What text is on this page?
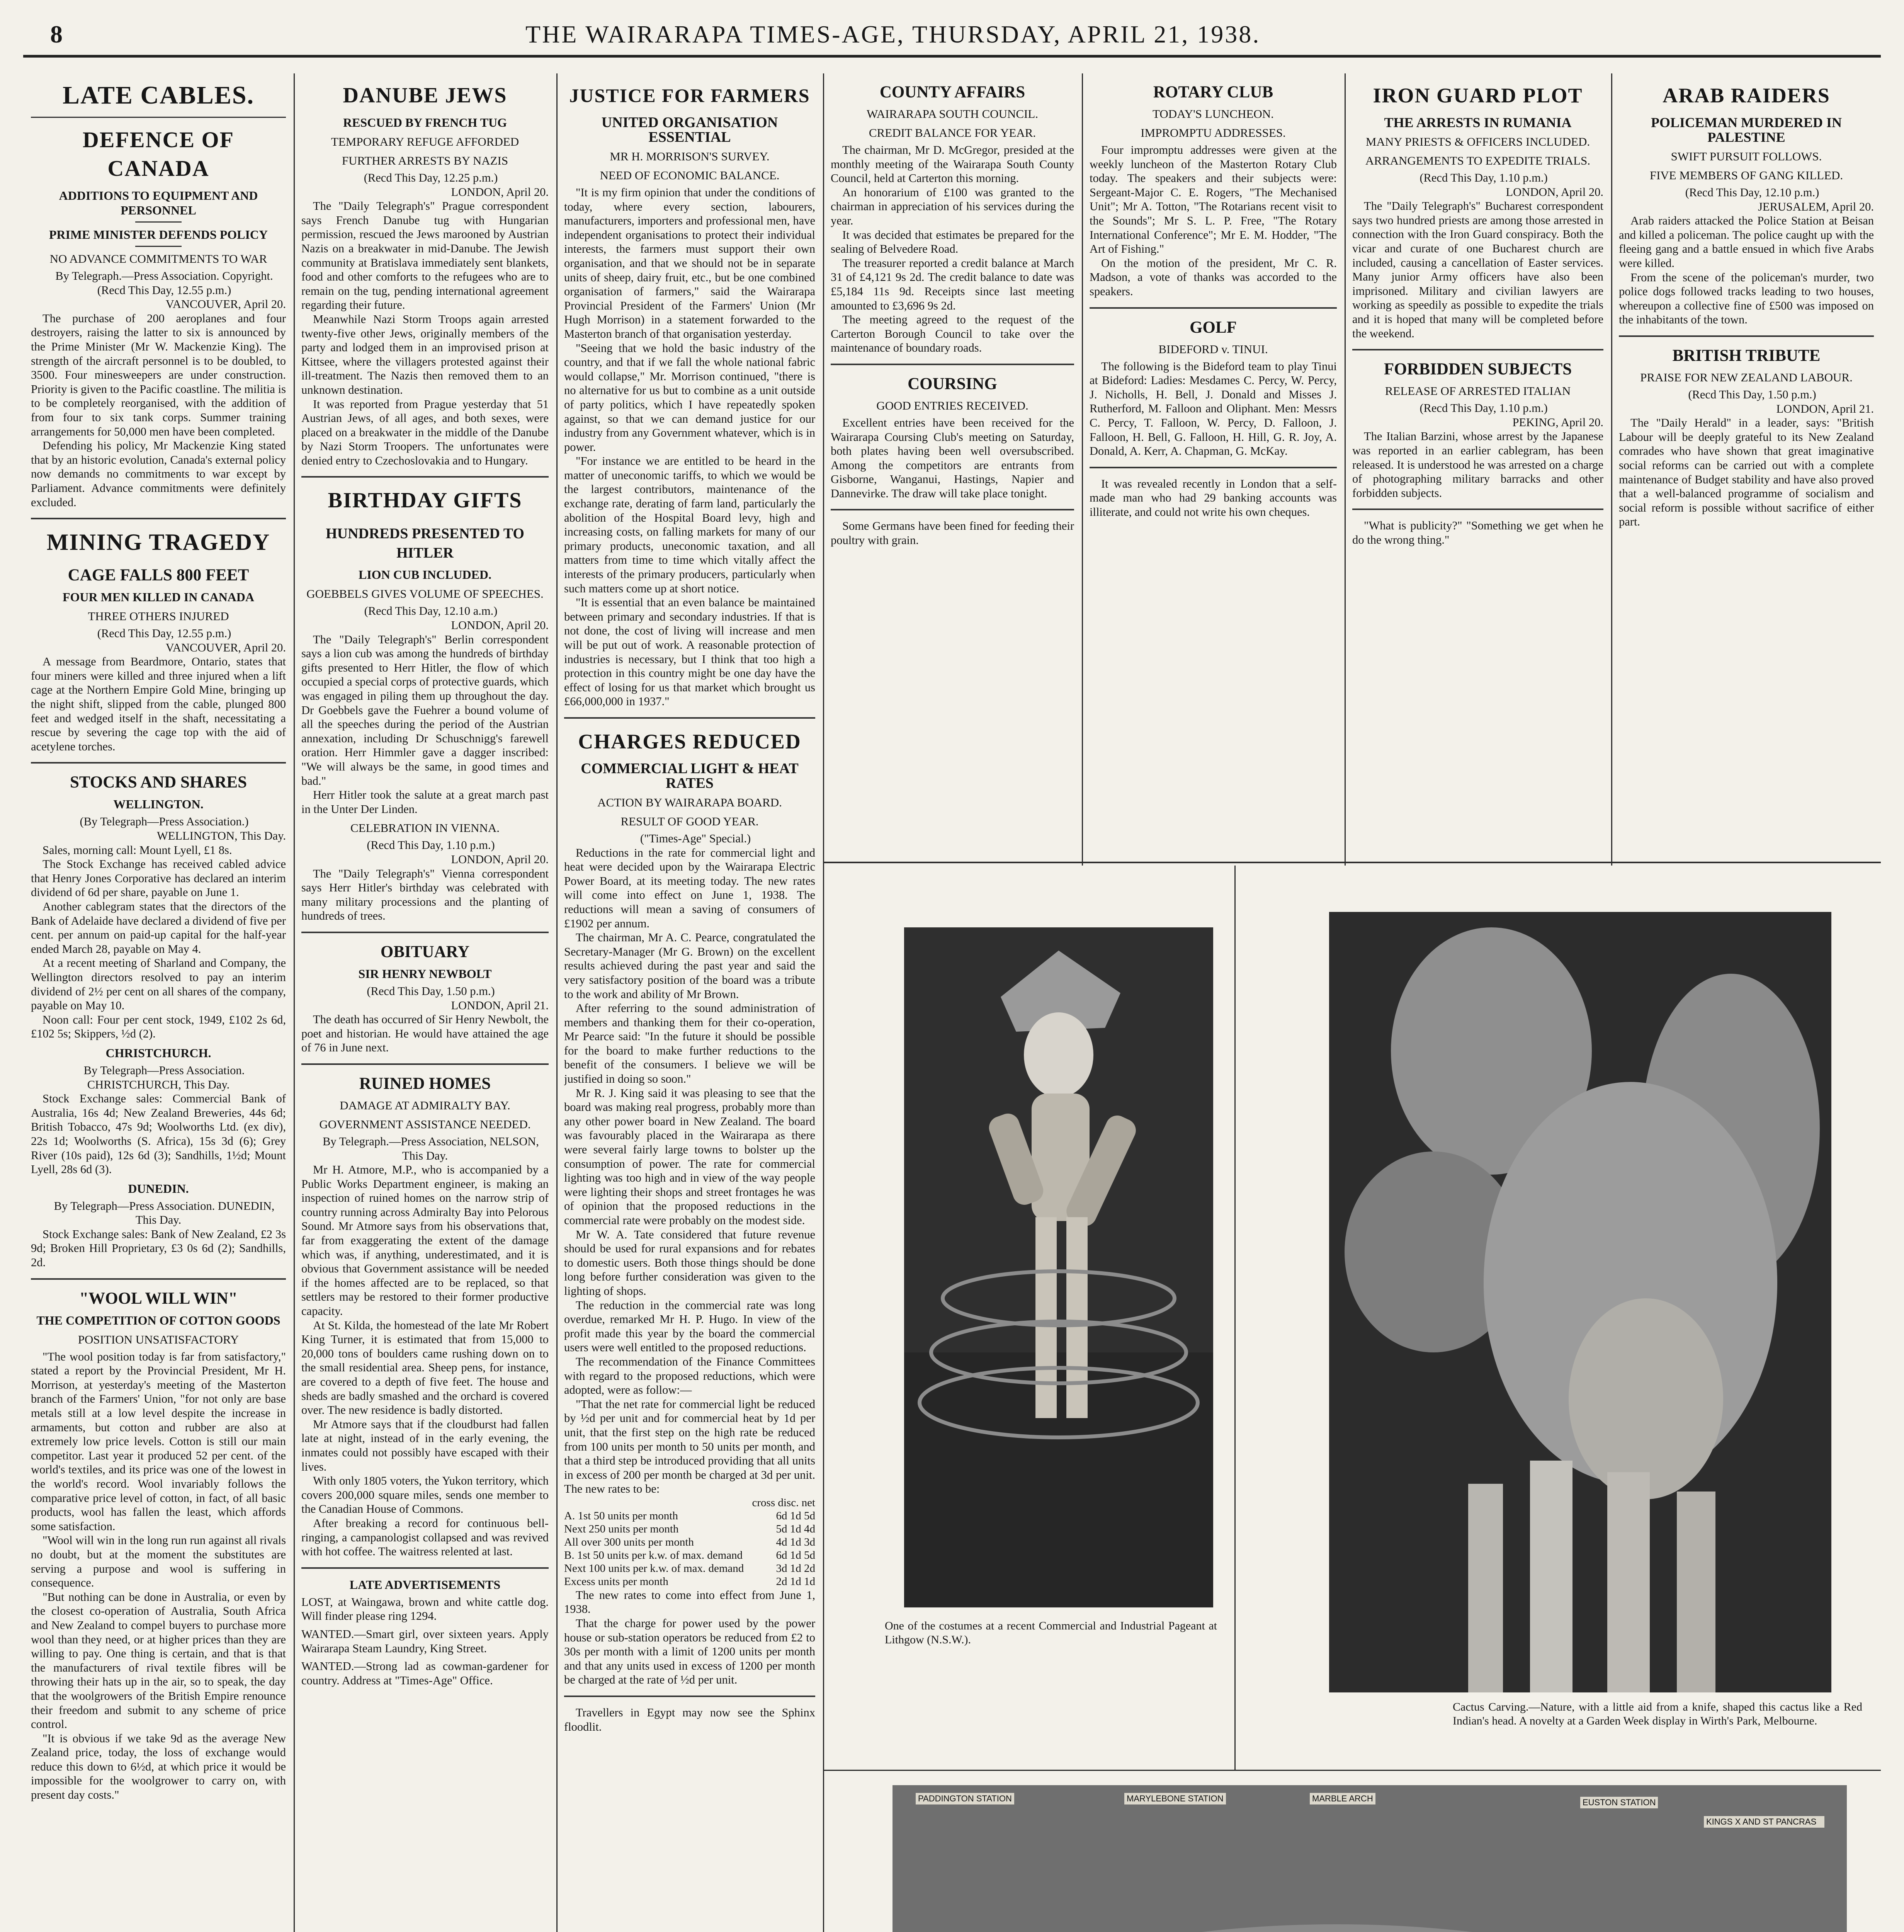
8	THE WAIRARAPA TIMES-AGE, THURSDAY, APRIL 21, 1938.
LATE CABLES.
DEFENCE OF CANADA
ADDITIONS TO EQUIPMENT AND PERSONNEL
PRIME MINISTER DEFENDS POLICY
NO ADVANCE COMMITMENTS TO WAR

By Telegraph.—Press Association. Copyright.

(Recd This Day, 12.55 p.m.)

VANCOUVER, April 20.

The purchase of 200 aeroplanes and four destroyers, raising the latter to six is announced by the Prime Minister (Mr W. Mackenzie King). The strength of the aircraft personnel is to be doubled, to 3500. Four minesweepers are under construction. Priority is given to the Pacific coastline. The militia is to be completely reorganised, with the addition of from four to six tank corps. Summer training arrangements for 50,000 men have been completed.

Defending his policy, Mr Mackenzie King stated that by an historic evolution, Canada's external policy now demands no commitments to war except by Parliament. Advance commitments were definitely excluded.

MINING TRAGEDY
CAGE FALLS 800 FEET
FOUR MEN KILLED IN CANADA
THREE OTHERS INJURED

(Recd This Day, 12.55 p.m.)

VANCOUVER, April 20.

A message from Beardmore, Ontario, states that four miners were killed and three injured when a lift cage at the Northern Empire Gold Mine, bringing up the night shift, slipped from the cable, plunged 800 feet and wedged itself in the shaft, necessitating a rescue by severing the cage top with the aid of acetylene torches.

STOCKS AND SHARES
WELLINGTON.

(By Telegraph—Press Association.)

WELLINGTON, This Day.

Sales, morning call: Mount Lyell, £1 8s.

The Stock Exchange has received cabled advice that Henry Jones Corporative has declared an interim dividend of 6d per share, payable on June 1.

Another cablegram states that the directors of the Bank of Adelaide have declared a dividend of five per cent. per annum on paid-up capital for the half-year ended March 28, payable on May 4.

At a recent meeting of Sharland and Company, the Wellington directors resolved to pay an interim dividend of 2½ per cent on all shares of the company, payable on May 10.

Noon call: Four per cent stock, 1949, £102 2s 6d, £102 5s; Skippers, ½d (2).

CHRISTCHURCH.

By Telegraph—Press Association. CHRISTCHURCH, This Day.

Stock Exchange sales: Commercial Bank of Australia, 16s 4d; New Zealand Breweries, 44s 6d; British Tobacco, 47s 9d; Woolworths Ltd. (ex div), 22s 1d; Woolworths (S. Africa), 15s 3d (6); Grey River (10s paid), 12s 6d (3); Sandhills, 1½d; Mount Lyell, 28s 6d (3).

DUNEDIN.

By Telegraph—Press Association. DUNEDIN, This Day.

Stock Exchange sales: Bank of New Zealand, £2 3s 9d; Broken Hill Proprietary, £3 0s 6d (2); Sandhills, 2d.

"WOOL WILL WIN"
THE COMPETITION OF COTTON GOODS
POSITION UNSATISFACTORY

"The wool position today is far from satisfactory," stated a report by the Provincial President, Mr H. Morrison, at yesterday's meeting of the Masterton branch of the Farmers' Union, "for not only are base metals still at a low level despite the increase in armaments, but cotton and rubber are also at extremely low price levels. Cotton is still our main competitor. Last year it produced 52 per cent. of the world's textiles, and its price was one of the lowest in the world's record. Wool invariably follows the comparative price level of cotton, in fact, of all basic products, wool has fallen the least, which affords some satisfaction.

"Wool will win in the long run run against all rivals no doubt, but at the moment the substitutes are serving a purpose and wool is suffering in consequence.

"But nothing can be done in Australia, or even by the closest co-operation of Australia, South Africa and New Zealand to compel buyers to purchase more wool than they need, or at higher prices than they are willing to pay. One thing is certain, and that is that the manufacturers of rival textile fibres will be throwing their hats up in the air, so to speak, the day that the woolgrowers of the British Empire renounce their freedom and submit to any scheme of price control.

"It is obvious if we take 9d as the average New Zealand price, today, the loss of exchange would reduce this down to 6½d, at which price it would be impossible for the woolgrower to carry on, with present day costs."

DANUBE JEWS
RESCUED BY FRENCH TUG
TEMPORARY REFUGE AFFORDED
FURTHER ARRESTS BY NAZIS

(Recd This Day, 12.25 p.m.)

LONDON, April 20.

The "Daily Telegraph's" Prague correspondent says French Danube tug with Hungarian permission, rescued the Jews marooned by Austrian Nazis on a breakwater in mid-Danube. The Jewish community at Bratislava immediately sent blankets, food and other comforts to the refugees who are to remain on the tug, pending international agreement regarding their future.

Meanwhile Nazi Storm Troops again arrested twenty-five other Jews, originally members of the party and lodged them in an improvised prison at Kittsee, where the villagers protested against their ill-treatment. The Nazis then removed them to an unknown destination.

It was reported from Prague yesterday that 51 Austrian Jews, of all ages, and both sexes, were placed on a breakwater in the middle of the Danube by Nazi Storm Troopers. The unfortunates were denied entry to Czechoslovakia and to Hungary.

BIRTHDAY GIFTS
HUNDREDS PRESENTED TO HITLER
LION CUB INCLUDED.
GOEBBELS GIVES VOLUME OF SPEECHES.

(Recd This Day, 12.10 a.m.)

LONDON, April 20.

The "Daily Telegraph's" Berlin correspondent says a lion cub was among the hundreds of birthday gifts presented to Herr Hitler, the flow of which occupied a special corps of protective guards, which was engaged in piling them up throughout the day. Dr Goebbels gave the Fuehrer a bound volume of all the speeches during the period of the Austrian annexation, including Dr Schuschnigg's farewell oration. Herr Himmler gave a dagger inscribed: "We will always be the same, in good times and bad."

Herr Hitler took the salute at a great march past in the Unter Der Linden.

CELEBRATION IN VIENNA.

(Recd This Day, 1.10 p.m.)

LONDON, April 20.

The "Daily Telegraph's" Vienna correspondent says Herr Hitler's birthday was celebrated with many military processions and the planting of hundreds of trees.

OBITUARY
SIR HENRY NEWBOLT

(Recd This Day, 1.50 p.m.)

LONDON, April 21.

The death has occurred of Sir Henry Newbolt, the poet and historian. He would have attained the age of 76 in June next.

RUINED HOMES
DAMAGE AT ADMIRALTY BAY.
GOVERNMENT ASSISTANCE NEEDED.

By Telegraph.—Press Association, NELSON, This Day.

Mr H. Atmore, M.P., who is accompanied by a Public Works Department engineer, is making an inspection of ruined homes on the narrow strip of country running across Admiralty Bay into Pelorous Sound. Mr Atmore says from his observations that, far from exaggerating the extent of the damage which was, if anything, underestimated, and it is obvious that Government assistance will be needed if the homes affected are to be replaced, so that settlers may be restored to their former productive capacity.

At St. Kilda, the homestead of the late Mr Robert King Turner, it is estimated that from 15,000 to 20,000 tons of boulders came rushing down on to the small residential area. Sheep pens, for instance, are covered to a depth of five feet. The house and sheds are badly smashed and the orchard is covered over. The new residence is badly distorted.

Mr Atmore says that if the cloudburst had fallen late at night, instead of in the early evening, the inmates could not possibly have escaped with their lives.

With only 1805 voters, the Yukon territory, which covers 200,000 square miles, sends one member to the Canadian House of Commons.

After breaking a record for continuous bell-ringing, a campanologist collapsed and was revived with hot coffee. The waitress relented at last.

LATE ADVERTISEMENTS

LOST, at Waingawa, brown and white cattle dog. Will finder please ring 1294.

WANTED.—Smart girl, over sixteen years. Apply Wairarapa Steam Laundry, King Street.

WANTED.—Strong lad as cowman-gardener for country. Address at "Times-Age" Office.

JUSTICE FOR FARMERS
UNITED ORGANISATION ESSENTIAL
MR H. MORRISON'S SURVEY.
NEED OF ECONOMIC BALANCE.

"It is my firm opinion that under the conditions of today, where every section, labourers, manufacturers, importers and professional men, have independent organisations to protect their individual interests, the farmers must support their own organisation, and that we should not be in separate units of sheep, dairy fruit, etc., but be one combined organisation of farmers," said the Wairarapa Provincial President of the Farmers' Union (Mr Hugh Morrison) in a statement forwarded to the Masterton branch of that organisation yesterday.

"Seeing that we hold the basic industry of the country, and that if we fall the whole national fabric would collapse," Mr. Morrison continued, "there is no alternative for us but to combine as a unit outside of party politics, which I have repeatedly spoken against, so that we can demand justice for our industry from any Government whatever, which is in power.

"For instance we are entitled to be heard in the matter of uneconomic tariffs, to which we would be the largest contributors, maintenance of the exchange rate, derating of farm land, particularly the abolition of the Hospital Board levy, high and increasing costs, on falling markets for many of our primary products, uneconomic taxation, and all matters from time to time which vitally affect the interests of the primary producers, particularly when such matters come up at short notice.

"It is essential that an even balance be maintained between primary and secondary industries. If that is not done, the cost of living will increase and men will be put out of work. A reasonable protection of industries is necessary, but I think that too high a protection in this country might be one day have the effect of losing for us that market which brought us £66,000,000 in 1937."

CHARGES REDUCED
COMMERCIAL LIGHT & HEAT RATES
ACTION BY WAIRARAPA BOARD.
RESULT OF GOOD YEAR.

("Times-Age" Special.)

Reductions in the rate for commercial light and heat were decided upon by the Wairarapa Electric Power Board, at its meeting today. The new rates will come into effect on June 1, 1938. The reductions will mean a saving of consumers of £1902 per annum.

The chairman, Mr A. C. Pearce, congratulated the Secretary-Manager (Mr G. Brown) on the excellent results achieved during the past year and said the very satisfactory position of the board was a tribute to the work and ability of Mr Brown.

After referring to the sound administration of members and thanking them for their co-operation, Mr Pearce said: "In the future it should be possible for the board to make further reductions to the benefit of the consumers. I believe we will be justified in doing so soon."

Mr R. J. King said it was pleasing to see that the board was making real progress, probably more than any other power board in New Zealand. The board was favourably placed in the Wairarapa as there were several fairly large towns to bolster up the consumption of power. The rate for commercial lighting was too high and in view of the way people were lighting their shops and street frontages he was of opinion that the proposed reductions in the commercial rate were probably on the modest side.

Mr W. A. Tate considered that future revenue should be used for rural expansions and for rebates to domestic users. Both those things should be done long before further consideration was given to the lighting of shops.

The reduction in the commercial rate was long overdue, remarked Mr H. P. Hugo. In view of the profit made this year by the board the commercial users were well entitled to the proposed reductions.

The recommendation of the Finance Committees with regard to the proposed reductions, which were adopted, were as follow:—

"That the net rate for commercial light be reduced by ½d per unit and for commercial heat by 1d per unit, that the first step on the high rate be reduced from 100 units per month to 50 units per month, and that a third step be introduced providing that all units in excess of 200 per month be charged at 3d per unit. The new rates to be:

	cross disc. net
A. 1st 50 units per month	6d 1d 5d
Next 250 units per month	5d 1d 4d
All over 300 units per month	4d 1d 3d
B. 1st 50 units per k.w. of max. demand	6d 1d 5d
Next 100 units per k.w. of max. demand	3d 1d 2d
Excess units per month	2d 1d 1d

The new rates to come into effect from June 1, 1938.

That the charge for power used by the power house or sub-station operators be reduced from £2 to 30s per month with a limit of 1200 units per month and that any units used in excess of 1200 per month be charged at the rate of ½d per unit.

Travellers in Egypt may now see the Sphinx floodlit.

COUNTY AFFAIRS
WAIRARAPA SOUTH COUNCIL.
CREDIT BALANCE FOR YEAR.

The chairman, Mr D. McGregor, presided at the monthly meeting of the Wairarapa South County Council, held at Carterton this morning.

An honorarium of £100 was granted to the chairman in appreciation of his services during the year.

It was decided that estimates be prepared for the sealing of Belvedere Road.

The treasurer reported a credit balance at March 31 of £4,121 9s 2d. The credit balance to date was £5,184 11s 9d. Receipts since last meeting amounted to £3,696 9s 2d.

The meeting agreed to the request of the Carterton Borough Council to take over the maintenance of boundary roads.

COURSING
GOOD ENTRIES RECEIVED.

Excellent entries have been received for the Wairarapa Coursing Club's meeting on Saturday, both plates having been well oversubscribed. Among the competitors are entrants from Gisborne, Wanganui, Hastings, Napier and Dannevirke. The draw will take place tonight.

Some Germans have been fined for feeding their poultry with grain.

ROTARY CLUB
TODAY'S LUNCHEON.
IMPROMPTU ADDRESSES.

Four impromptu addresses were given at the weekly luncheon of the Masterton Rotary Club today. The speakers and their subjects were: Sergeant-Major C. E. Rogers, "The Mechanised Unit"; Mr A. Totton, "The Rotarians recent visit to the Sounds"; Mr S. L. P. Free, "The Rotary International Conference"; Mr E. M. Hodder, "The Art of Fishing."

On the motion of the president, Mr C. R. Madson, a vote of thanks was accorded to the speakers.

GOLF
BIDEFORD v. TINUI.

The following is the Bideford team to play Tinui at Bideford: Ladies: Mesdames C. Percy, W. Percy, J. Nicholls, H. Bell, J. Donald and Misses J. Rutherford, M. Falloon and Oliphant. Men: Messrs C. Percy, T. Falloon, W. Percy, D. Falloon, J. Falloon, H. Bell, G. Falloon, H. Hill, G. R. Joy, A. Donald, A. Kerr, A. Chapman, G. McKay.

It was revealed recently in London that a self-made man who had 29 banking accounts was illiterate, and could not write his own cheques.

IRON GUARD PLOT
THE ARRESTS IN RUMANIA
MANY PRIESTS & OFFICERS INCLUDED.
ARRANGEMENTS TO EXPEDITE TRIALS.

(Recd This Day, 1.10 p.m.)

LONDON, April 20.

The "Daily Telegraph's" Bucharest correspondent says two hundred priests are among those arrested in connection with the Iron Guard conspiracy. Both the vicar and curate of one Bucharest church are included, causing a cancellation of Easter services. Many junior Army officers have also been imprisoned. Military and civilian lawyers are working as speedily as possible to expedite the trials and it is hoped that many will be completed before the weekend.

FORBIDDEN SUBJECTS
RELEASE OF ARRESTED ITALIAN

(Recd This Day, 1.10 p.m.)

PEKING, April 20.

The Italian Barzini, whose arrest by the Japanese was reported in an earlier cablegram, has been released. It is understood he was arrested on a charge of photographing military barracks and other forbidden subjects.

"What is publicity?" "Something we get when he do the wrong thing."

ARAB RAIDERS
POLICEMAN MURDERED IN PALESTINE
SWIFT PURSUIT FOLLOWS.
FIVE MEMBERS OF GANG KILLED.

(Recd This Day, 12.10 p.m.)

JERUSALEM, April 20.

Arab raiders attacked the Police Station at Beisan and killed a policeman. The police caught up with the fleeing gang and a battle ensued in which five Arabs were killed.

From the scene of the policeman's murder, two police dogs followed tracks leading to two houses, whereupon a collective fine of £500 was imposed on the inhabitants of the town.

BRITISH TRIBUTE
PRAISE FOR NEW ZEALAND LABOUR.

(Recd This Day, 1.50 p.m.)

LONDON, April 21.

The "Daily Herald" in a leader, says: "British Labour will be deeply grateful to its New Zealand comrades who have shown that great imaginative social reforms can be carried out with a complete maintenance of Budget stability and have also proved that a well-balanced programme of socialism and social reform is possible without sacrifice of either part.

One of the costumes at a recent Commercial and Industrial Pageant at Lithgow (N.S.W.).
Cactus Carving.—Nature, with a little aid from a knife, shaped this cactus like a Red Indian's head. A novelty at a Garden Week display in Wirth's Park, Melbourne.
PADDINGTON STATION	MARYLEBONE STATION	MARBLE ARCH	EUSTON STATION
KINGS X AND ST PANCRAS
